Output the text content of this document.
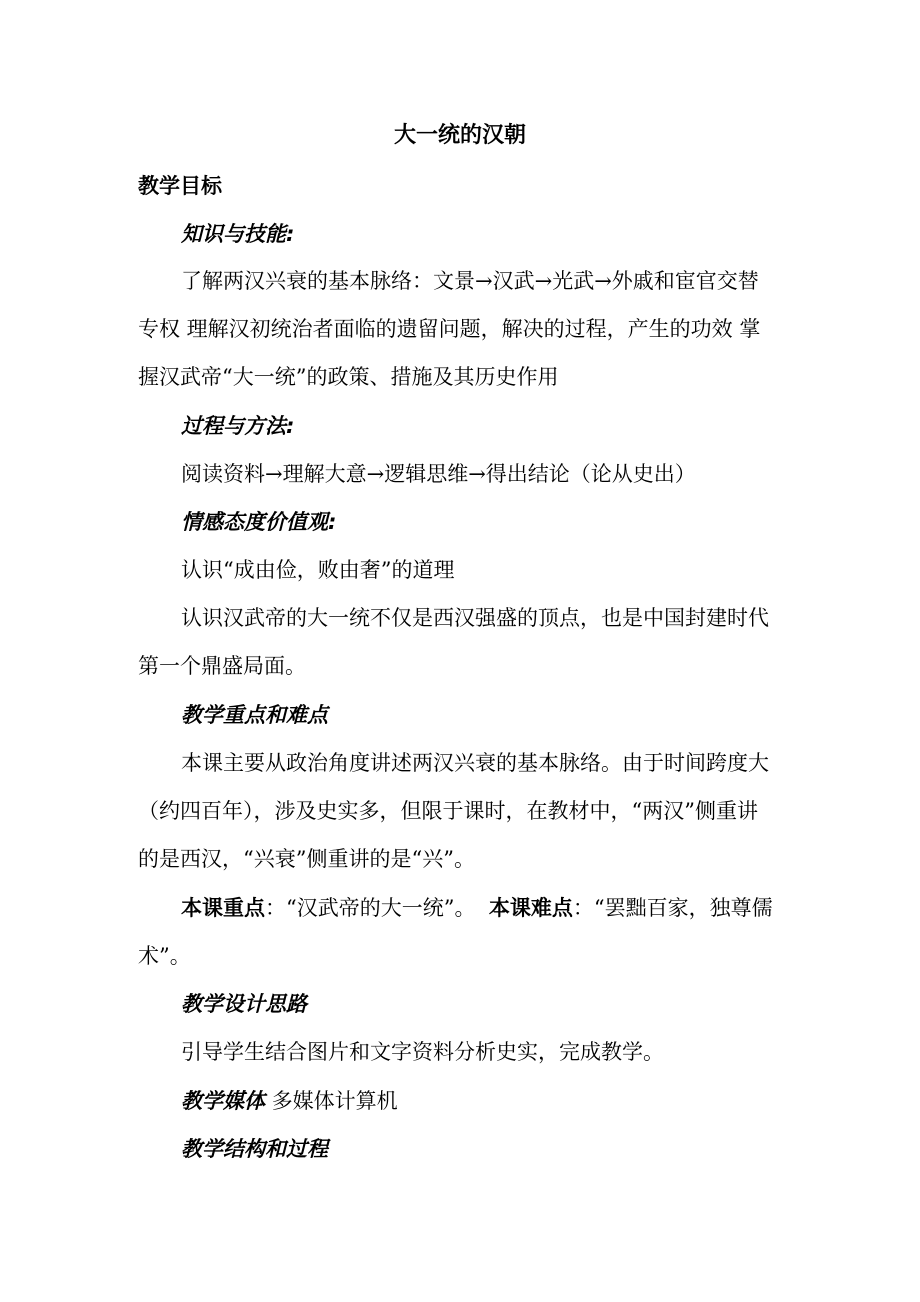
大一统的汉朝
教学目标
知识与技能:
了解两汉兴衰的基本脉络：文景→汉武→光武→外戚和宦官交替
专权 理解汉初统治者面临的遗留问题，解决的过程，产生的功效 掌
握汉武帝“大一统”的政策、措施及其历史作用
过程与方法:
阅读资料→理解大意→逻辑思维→得出结论（论从史出）
情感态度价值观:
认识“成由俭，败由奢”的道理
认识汉武帝的大一统不仅是西汉强盛的顶点，也是中国封建时代
第一个鼎盛局面。
教学重点和难点
本课主要从政治角度讲述两汉兴衰的基本脉络。由于时间跨度大
（约四百年），涉及史实多，但限于课时，在教材中，“两汉”侧重讲
的是西汉，“兴衰”侧重讲的是“兴”。
本课重点：“汉武帝的大一统”。 本课难点：“罢黜百家，独尊儒
术”。
教学设计思路
引导学生结合图片和文字资料分析史实，完成教学。
教学媒体 多媒体计算机
教学结构和过程
